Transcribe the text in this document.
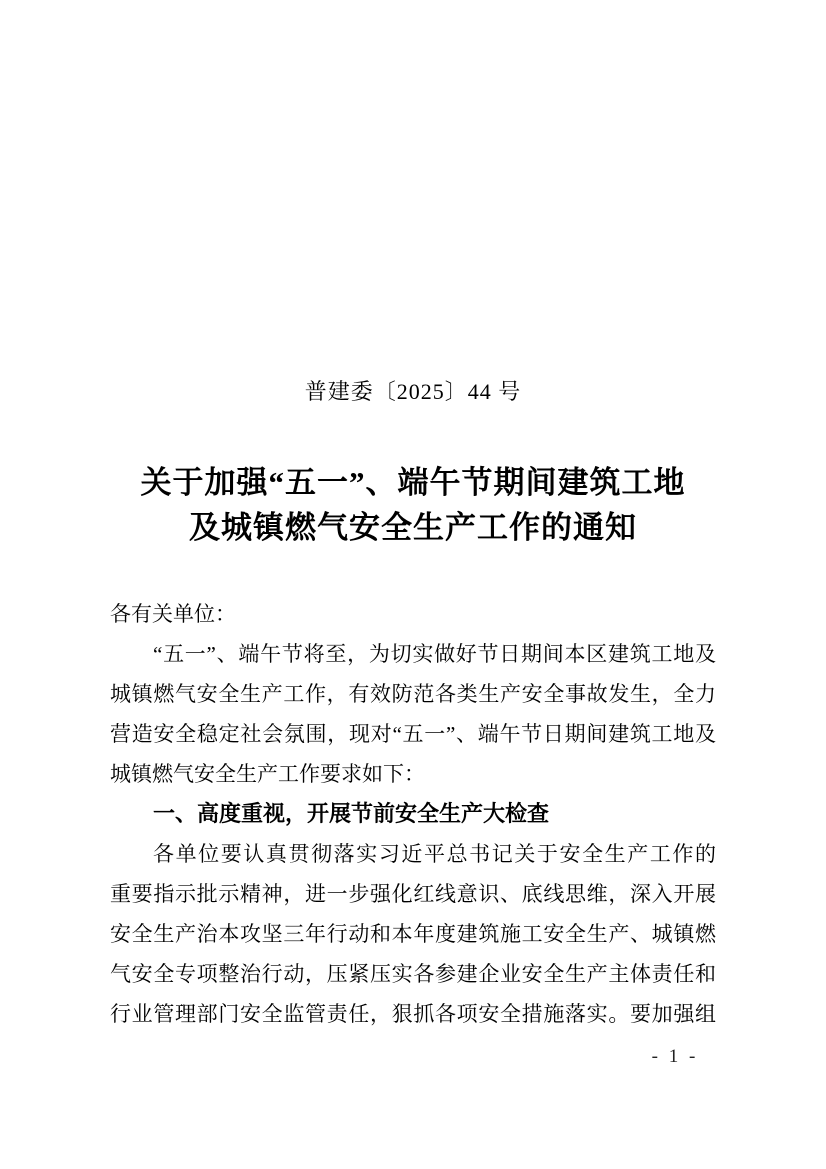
普建委〔2025〕44 号
关于加强“五一”、端午节期间建筑工地
及城镇燃气安全生产工作的通知
各有关单位：
“五一”、端午节将至，为切实做好节日期间本区建筑工地及
城镇燃气安全生产工作，有效防范各类生产安全事故发生，全力
营造安全稳定社会氛围，现对“五一”、端午节日期间建筑工地及
城镇燃气安全生产工作要求如下：
一、高度重视，开展节前安全生产大检查
各单位要认真贯彻落实习近平总书记关于安全生产工作的
重要指示批示精神，进一步强化红线意识、底线思维，深入开展
安全生产治本攻坚三年行动和本年度建筑施工安全生产、城镇燃
气安全专项整治行动，压紧压实各参建企业安全生产主体责任和
行业管理部门安全监管责任，狠抓各项安全措施落实。要加强组
- 1 -
